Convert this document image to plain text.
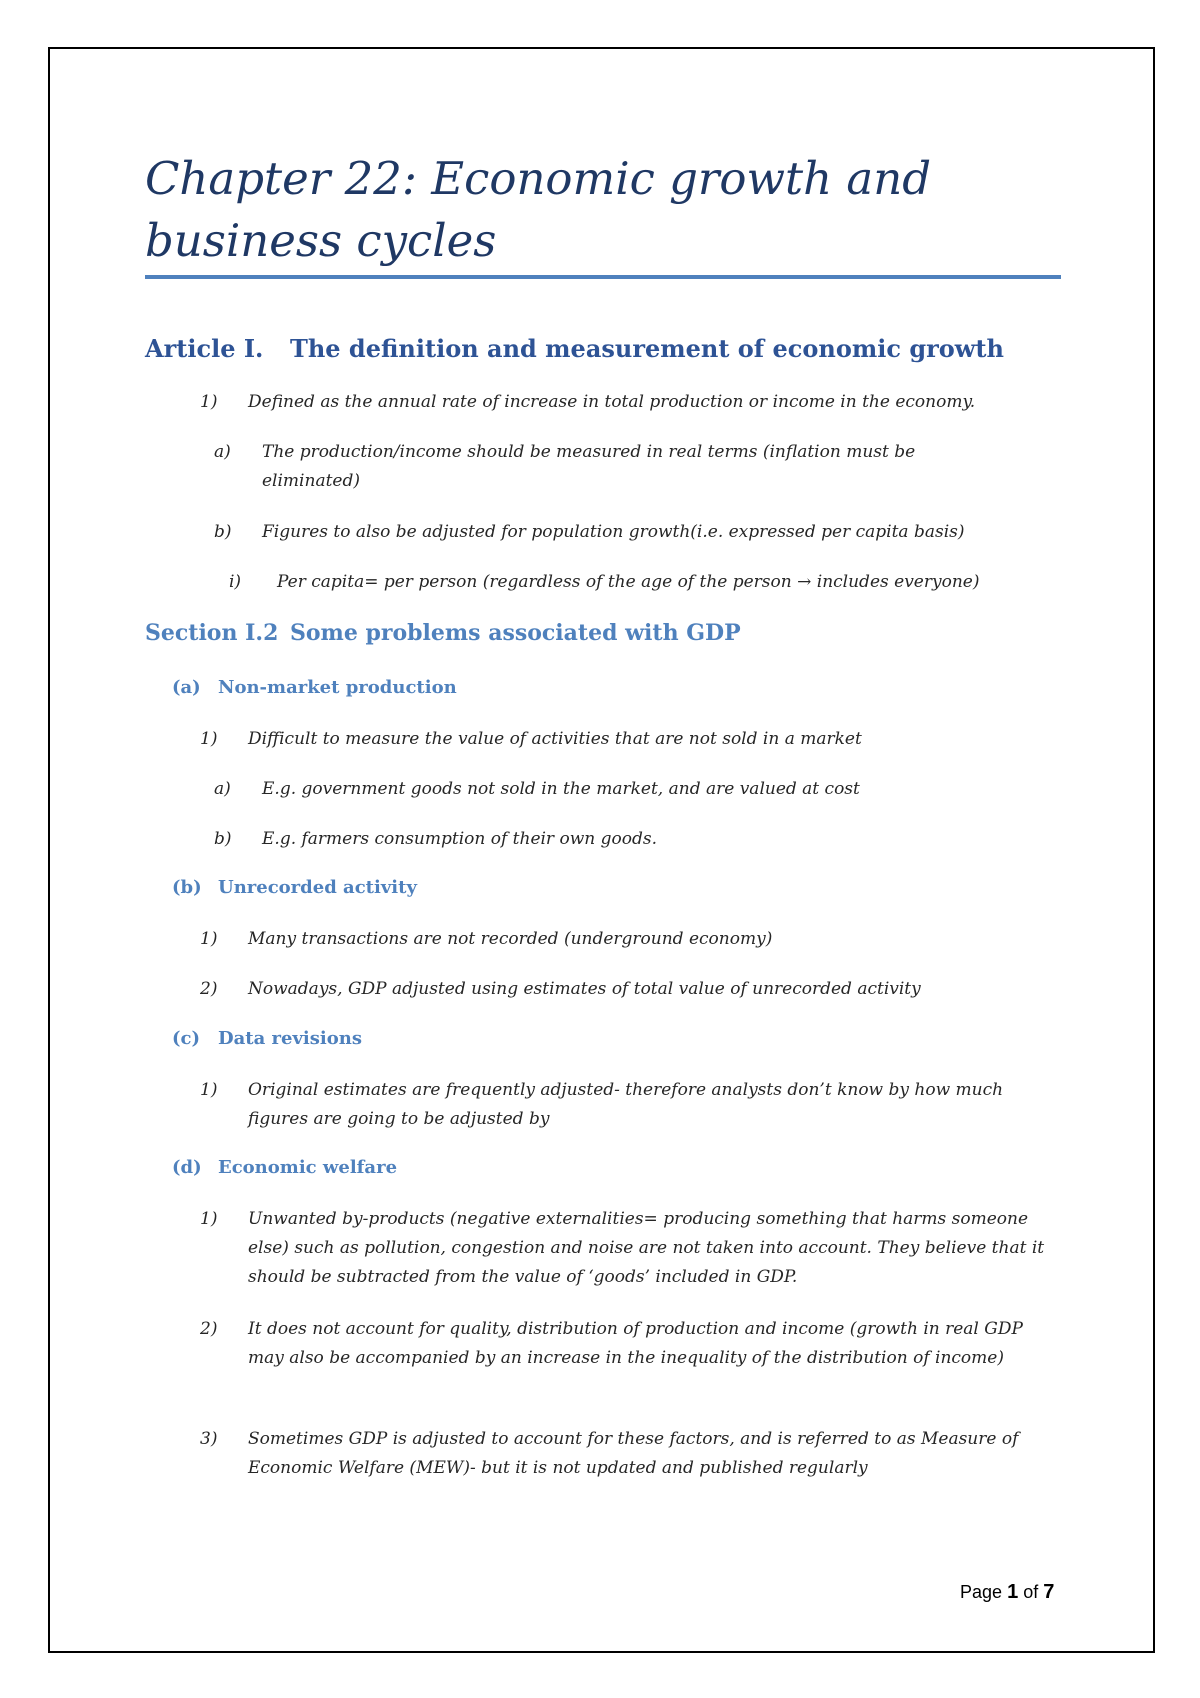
Chapter 22: Economic growth and business cycles
Article I. The definition and measurement of economic growth

1) Defined as the annual rate of increase in total production or income in the economy.

a) The production/income should be measured in real terms (inflation must be eliminated)

b) Figures to also be adjusted for population growth(i.e. expressed per capita basis)

i) Per capita= per person (regardless of the age of the person → includes everyone)

Section I.2 Some problems associated with GDP
(a) Non-market production

1) Difficult to measure the value of activities that are not sold in a market

a) E.g. government goods not sold in the market, and are valued at cost

b) E.g. farmers consumption of their own goods.

(b) Unrecorded activity

1) Many transactions are not recorded (underground economy)

2) Nowadays, GDP adjusted using estimates of total value of unrecorded activity

(c) Data revisions

1) Original estimates are frequently adjusted- therefore analysts don’t know by how much figures are going to be adjusted by

(d) Economic welfare

1) Unwanted by-products (negative externalities= producing something that harms someone else) such as pollution, congestion and noise are not taken into account. They believe that it should be subtracted from the value of ‘goods’ included in GDP.

2) It does not account for quality, distribution of production and income (growth in real GDP may also be accompanied by an increase in the inequality of the distribution of income)

3) Sometimes GDP is adjusted to account for these factors, and is referred to as Measure of Economic Welfare (MEW)- but it is not updated and published regularly

Page 1 of 7
